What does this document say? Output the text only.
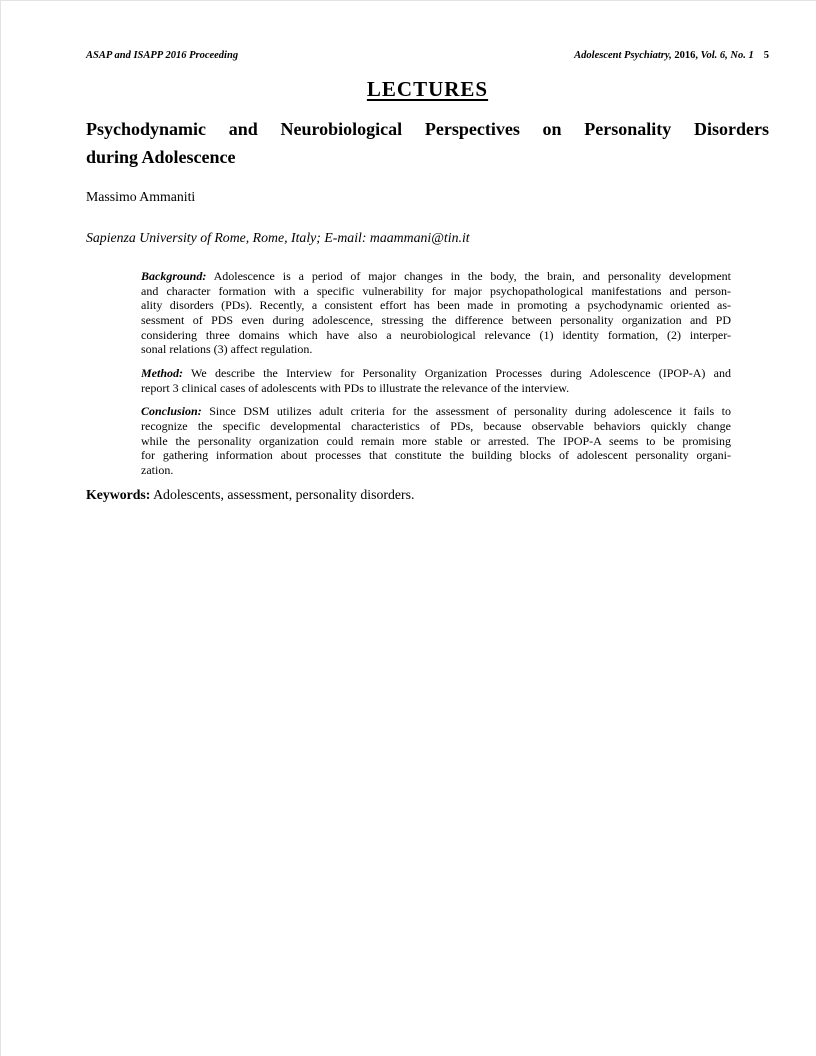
ASAP and ISAPP 2016 Proceeding	Adolescent Psychiatry, 2016, Vol. 6, No. 1 5
LECTURES
Psychodynamic and Neurobiological Perspectives on Personality Disorders
during Adolescence
Massimo Ammaniti
Sapienza University of Rome, Rome, Italy; E-mail: maammani@tin.it
Background: Adolescence is a period of major changes in the body, the brain, and personality development
and character formation with a specific vulnerability for major psychopathological manifestations and person-
ality disorders (PDs). Recently, a consistent effort has been made in promoting a psychodynamic oriented as-
sessment of PDS even during adolescence, stressing the difference between personality organization and PD
considering three domains which have also a neurobiological relevance (1) identity formation, (2) interper-
sonal relations (3) affect regulation.
Method: We describe the Interview for Personality Organization Processes during Adolescence (IPOP-A) and
report 3 clinical cases of adolescents with PDs to illustrate the relevance of the interview.
Conclusion: Since DSM utilizes adult criteria for the assessment of personality during adolescence it fails to
recognize the specific developmental characteristics of PDs, because observable behaviors quickly change
while the personality organization could remain more stable or arrested. The IPOP-A seems to be promising
for gathering information about processes that constitute the building blocks of adolescent personality organi-
zation.
Keywords: Adolescents, assessment, personality disorders.
